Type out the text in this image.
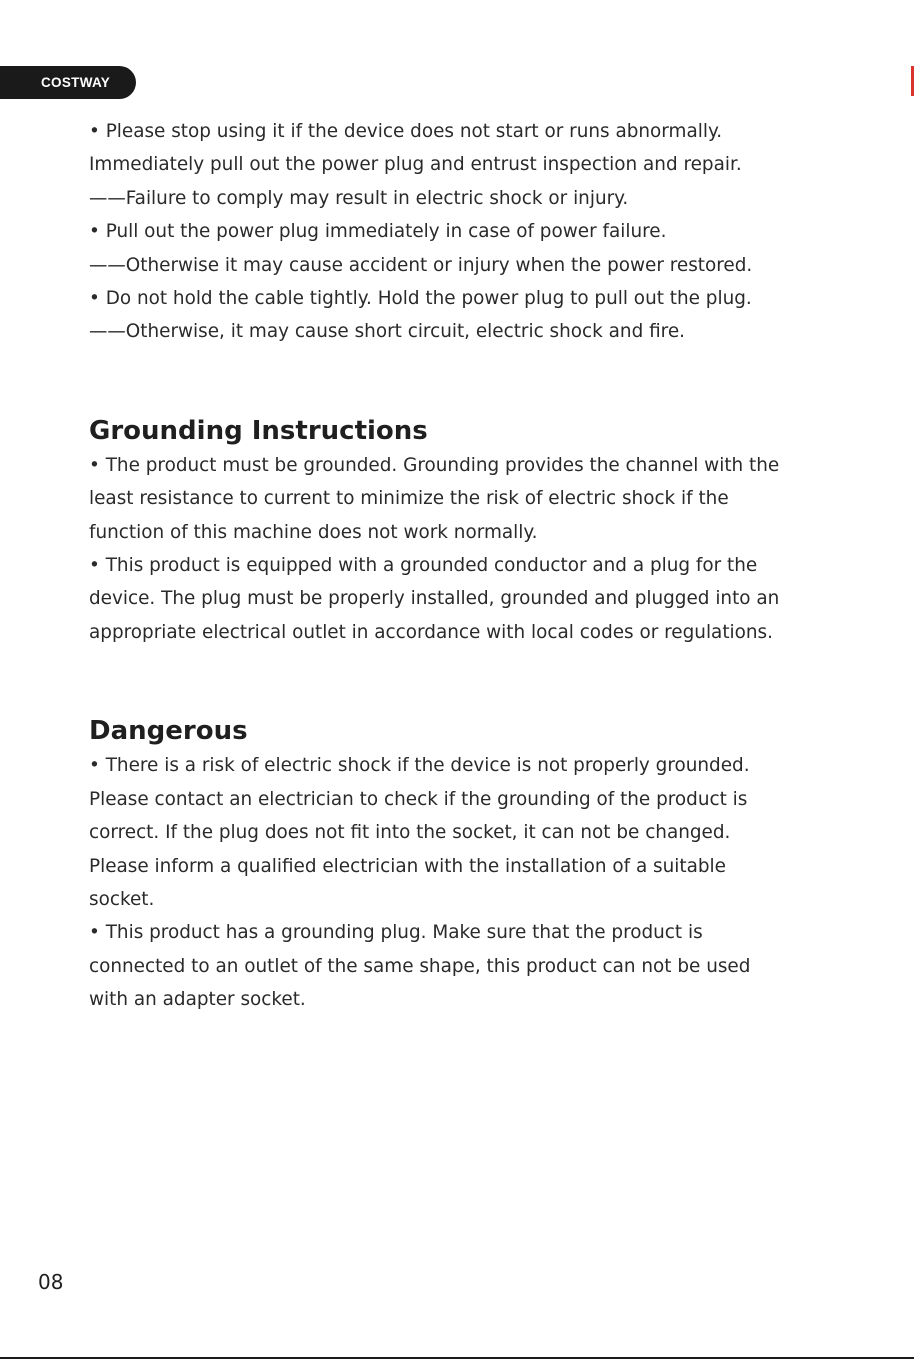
COSTWAY

• Please stop using it if the device does not start or runs abnormally.

Immediately pull out the power plug and entrust inspection and repair.

——Failure to comply may result in electric shock or injury.

• Pull out the power plug immediately in case of power failure.

——Otherwise it may cause accident or injury when the power restored.

• Do not hold the cable tightly. Hold the power plug to pull out the plug.

——Otherwise, it may cause short circuit, electric shock and fire.

Grounding Instructions

• The product must be grounded. Grounding provides the channel with the

least resistance to current to minimize the risk of electric shock if the

function of this machine does not work normally.

• This product is equipped with a grounded conductor and a plug for the

device. The plug must be properly installed, grounded and plugged into an

appropriate electrical outlet in accordance with local codes or regulations.

Dangerous

• There is a risk of electric shock if the device is not properly grounded.

Please contact an electrician to check if the grounding of the product is

correct. If the plug does not fit into the socket, it can not be changed.

Please inform a qualified electrician with the installation of a suitable

socket.

• This product has a grounding plug. Make sure that the product is

connected to an outlet of the same shape, this product can not be used

with an adapter socket.

08
